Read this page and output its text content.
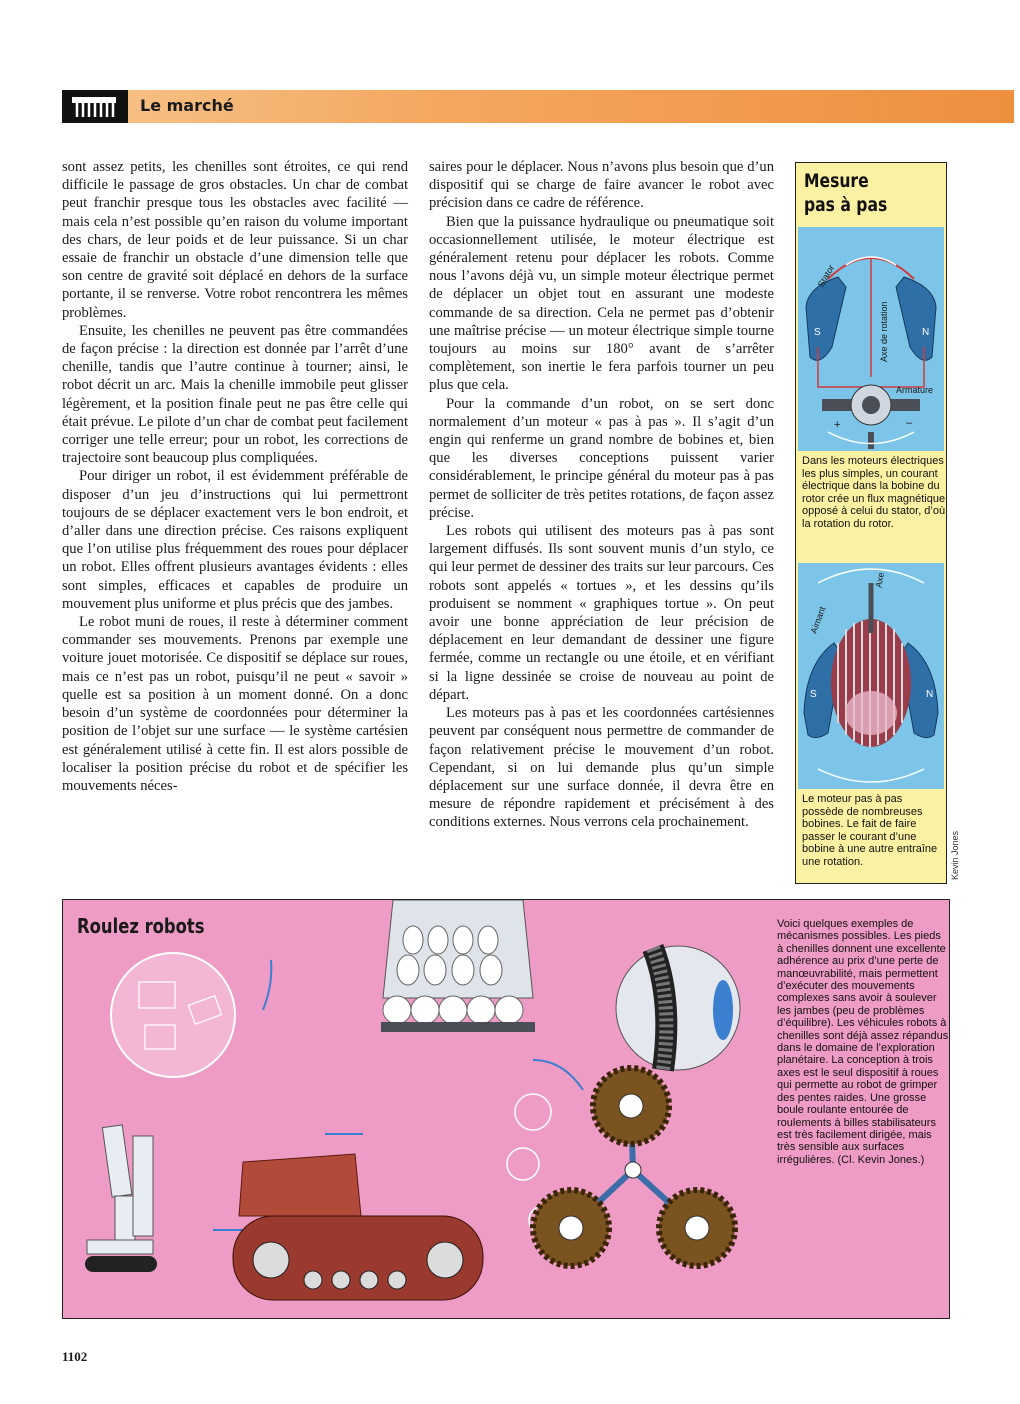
Le marché

sont assez petits, les chenilles sont étroites, ce qui rend difficile le passage de gros obstacles. Un char de combat peut franchir presque tous les obstacles avec facilité — mais cela n’est possible qu’en raison du volume important des chars, de leur poids et de leur puissance. Si un char essaie de franchir un obstacle d’une dimension telle que son centre de gravité soit déplacé en dehors de la surface portante, il se renverse. Votre robot rencontrera les mêmes problèmes.

Ensuite, les chenilles ne peuvent pas être commandées de façon précise : la direction est donnée par l’arrêt d’une chenille, tandis que l’autre continue à tourner; ainsi, le robot décrit un arc. Mais la chenille immobile peut glisser légèrement, et la position finale peut ne pas être celle qui était prévue. Le pilote d’un char de combat peut facilement corriger une telle erreur; pour un robot, les corrections de trajectoire sont beaucoup plus compliquées.

Pour diriger un robot, il est évidemment préférable de disposer d’un jeu d’instructions qui lui permettront toujours de se déplacer exactement vers le bon endroit, et d’aller dans une direction précise. Ces raisons expliquent que l’on utilise plus fréquemment des roues pour déplacer un robot. Elles offrent plusieurs avantages évidents : elles sont simples, efficaces et capables de produire un mouvement plus uniforme et plus précis que des jambes.

Le robot muni de roues, il reste à déterminer comment commander ses mouvements. Prenons par exemple une voiture jouet motorisée. Ce dispositif se déplace sur roues, mais ce n’est pas un robot, puisqu’il ne peut « savoir » quelle est sa position à un moment donné. On a donc besoin d’un système de coordonnées pour déterminer la position de l’objet sur une surface — le système cartésien est généralement utilisé à cette fin. Il est alors possible de localiser la position précise du robot et de spécifier les mouvements néces-

saires pour le déplacer. Nous n’avons plus besoin que d’un dispositif qui se charge de faire avancer le robot avec précision dans ce cadre de référence.

Bien que la puissance hydraulique ou pneumatique soit occasionnellement utilisée, le moteur électrique est généralement retenu pour déplacer les robots. Comme nous l’avons déjà vu, un simple moteur électrique permet de déplacer un objet tout en assurant une modeste commande de sa direction. Cela ne permet pas d’obtenir une maîtrise précise — un moteur électrique simple tourne toujours au moins sur 180° avant de s’arrêter complètement, son inertie le fera parfois tourner un peu plus que cela.

Pour la commande d’un robot, on se sert donc normalement d’un moteur « pas à pas ». Il s’agit d’un engin qui renferme un grand nombre de bobines et, bien que les diverses conceptions puissent varier considérablement, le principe général du moteur pas à pas permet de solliciter de très petites rotations, de façon assez précise.

Les robots qui utilisent des moteurs pas à pas sont largement diffusés. Ils sont souvent munis d’un stylo, ce qui leur permet de dessiner des traits sur leur parcours. Ces robots sont appelés « tortues », et les dessins qu’ils produisent se nomment « graphiques tortue ». On peut avoir une bonne appréciation de leur précision de déplacement en leur demandant de dessiner une figure fermée, comme un rectangle ou une étoile, et en vérifiant si la ligne dessinée se croise de nouveau au point de départ.

Les moteurs pas à pas et les coordonnées cartésiennes peuvent par conséquent nous permettre de commander de façon relativement précise le mouvement d’un robot. Cependant, si on lui demande plus qu’un simple déplacement sur une surface donnée, il devra être en mesure de répondre rapidement et précisément à des conditions externes. Nous verrons cela prochainement.

Mesure
pas à pas
Stator
Axe de rotation
Armature
S	N
+	–
Dans les moteurs électriques les plus simples, un courant électrique dans la bobine du rotor crée un flux magnétique opposé à celui du stator, d’où la rotation du rotor.
Aimant
Axe
S	N
Le moteur pas à pas possède de nombreuses bobines. Le fait de faire passer le courant d’une bobine à une autre entraîne une rotation.	Kevin Jones
Roulez robots	Voici quelques exemples de mécanismes possibles. Les pieds à chenilles donnent une excellente adhérence au prix d’une perte de manœuvrabilité, mais permettent d’exécuter des mouvements complexes sans avoir à soulever les jambes (peu de problèmes d’équilibre). Les véhicules robots à chenilles sont déjà assez répandus dans le domaine de l’exploration planétaire. La conception à trois axes est le seul dispositif à roues qui permette au robot de grimper des pentes raides. Une grosse boule roulante entourée de roulements à billes stabilisateurs est très facilement dirigée, mais très sensible aux surfaces irrégulières. (Cl. Kevin Jones.)
1102
